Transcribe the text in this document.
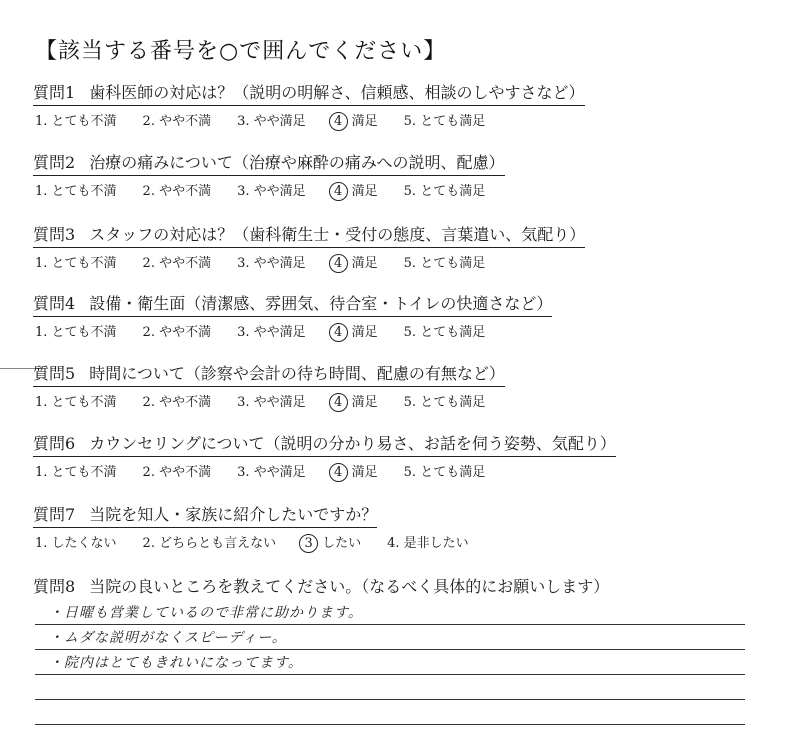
【該当する番号を○で囲んでください】
質問1 歯科医師の対応は？（説明の明解さ、信頼感、相談のしやすさなど）
1. とても不満 2. やや不満 3. やや満足	4 満足 5. とても満足
質問2 治療の痛みについて（治療や麻酔の痛みへの説明、配慮）
1. とても不満 2. やや不満 3. やや満足	4 満足 5. とても満足
質問3 スタッフの対応は？（歯科衛生士・受付の態度、言葉遣い、気配り）
1. とても不満 2. やや不満 3. やや満足	4 満足 5. とても満足
質問4 設備・衛生面（清潔感、雰囲気、待合室・トイレの快適さなど）
1. とても不満 2. やや不満 3. やや満足	4 満足 5. とても満足
質問5 時間について（診察や会計の待ち時間、配慮の有無など）
1. とても不満 2. やや不満 3. やや満足	4 満足 5. とても満足
質問6 カウンセリングについて（説明の分かり易さ、お話を伺う姿勢、気配り）
1. とても不満 2. やや不満 3. やや満足	4 満足 5. とても満足
質問7 当院を知人・家族に紹介したいですか？
1. したくない 2. どちらとも言えない	3 したい 4. 是非したい
質問8 当院の良いところを教えてください。（なるべく具体的にお願いします）
・日曜も営業しているので非常に助かります。
・ムダな説明がなくスピーディー。
・院内はとてもきれいになってます。
